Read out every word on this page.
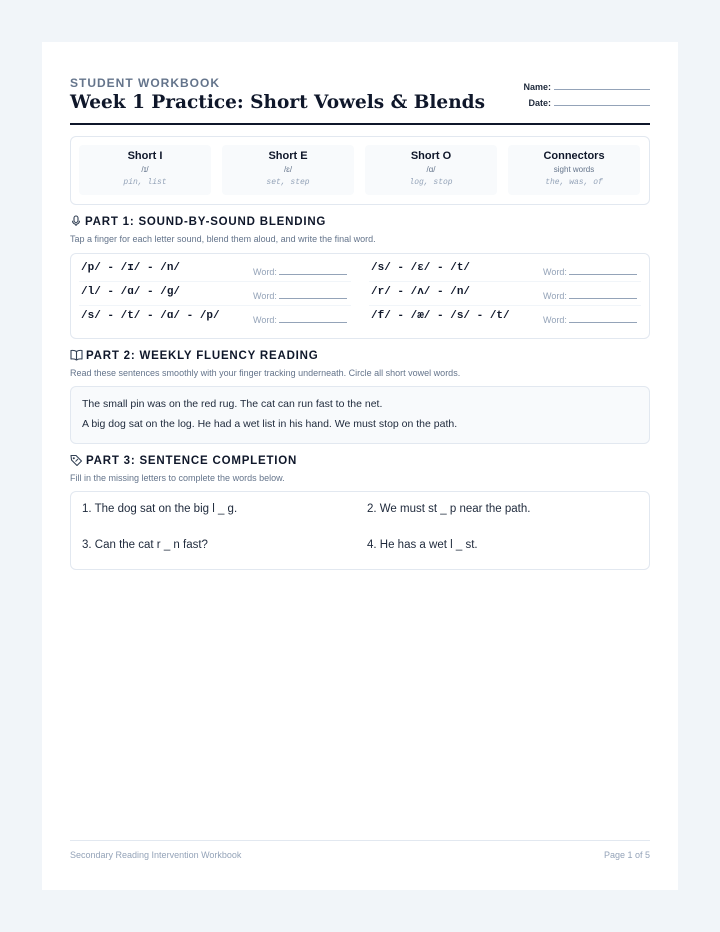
STUDENT WORKBOOK
Week 1 Practice: Short Vowels & Blends
Name:
Date:
Short I
/ɪ/
pin, list
Short E
/ɛ/
set, step
Short O
/ɑ/
log, stop
Connectors
sight words
the, was, of
PART 1: SOUND-BY-SOUND BLENDING
Tap a finger for each letter sound, blend them aloud, and write the final word.
/p/ - /ɪ/ - /n/	Word:	/s/ - /ɛ/ - /t/	Word:
/l/ - /ɑ/ - /g/	Word:	/r/ - /ʌ/ - /n/	Word:
/s/ - /t/ - /ɑ/ - /p/	Word:	/f/ - /æ/ - /s/ - /t/	Word:
PART 2: WEEKLY FLUENCY READING
Read these sentences smoothly with your finger tracking underneath. Circle all short vowel words.

The small pin was on the red rug. The cat can run fast to the net.

A big dog sat on the log. He had a wet list in his hand. We must stop on the path.

PART 3: SENTENCE COMPLETION
Fill in the missing letters to complete the words below.
1. The dog sat on the big l _ g.	2. We must st _ p near the path.
3. Can the cat r _ n fast?	4. He has a wet l _ st.
Secondary Reading Intervention Workbook	Page 1 of 5
